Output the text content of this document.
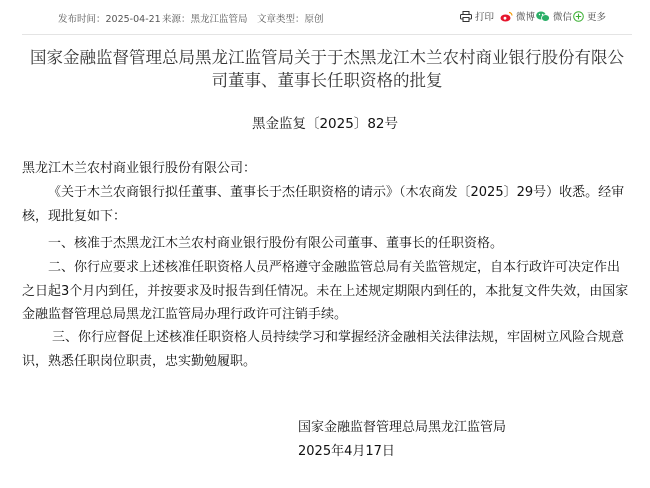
发布时间：2025-04-21 来源：黑龙江监管局 文章类型：原创	打印 微博 微信 更多
国家金融监督管理总局黑龙江监管局关于于杰黑龙江木兰农村商业银行股份有限公司董事、董事长任职资格的批复
黑金监复〔2025〕82号
黑龙江木兰农村商业银行股份有限公司：
《关于木兰农商银行拟任董事、董事长于杰任职资格的请示》（木农商发〔2025〕29号）收悉。经审核，现批复如下：
一、核准于杰黑龙江木兰农村商业银行股份有限公司董事、董事长的任职资格。
二、你行应要求上述核准任职资格人员严格遵守金融监管总局有关监管规定，自本行政许可决定作出之日起3个月内到任，并按要求及时报告到任情况。未在上述规定期限内到任的，本批复文件失效，由国家金融监督管理总局黑龙江监管局办理行政许可注销手续。
三、你行应督促上述核准任职资格人员持续学习和掌握经济金融相关法律法规，牢固树立风险合规意识，熟悉任职岗位职责，忠实勤勉履职。
国家金融监督管理总局黑龙江监管局
2025年4月17日
